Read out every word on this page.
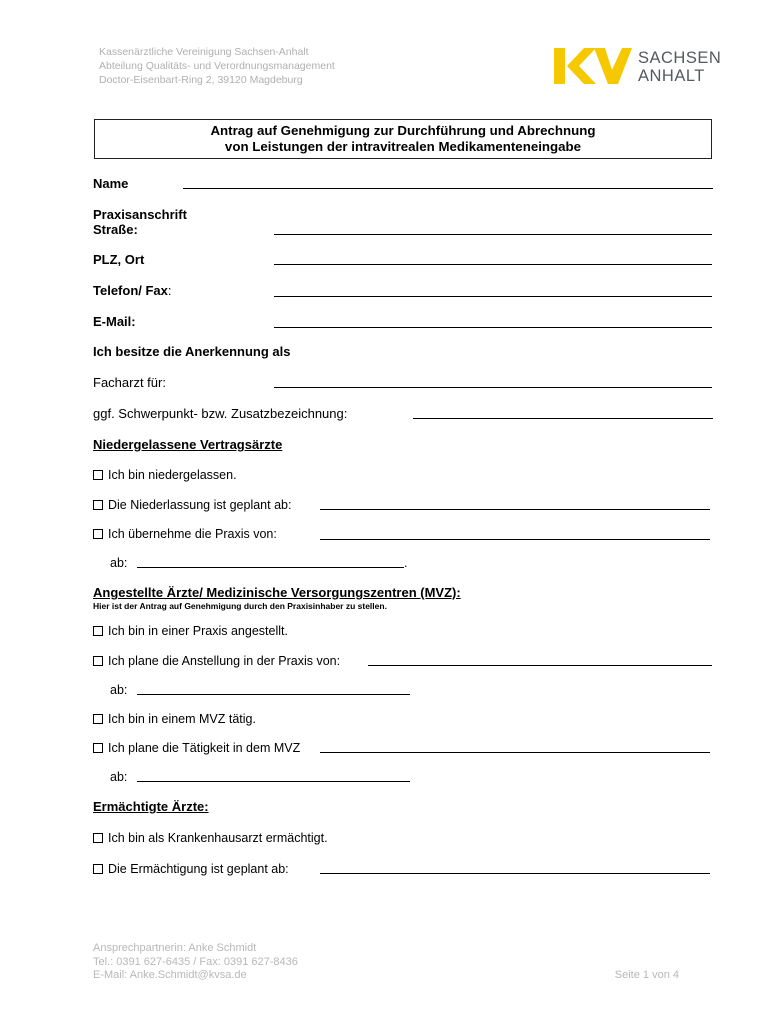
Kassenärztliche Vereinigung Sachsen-Anhalt
Abteilung Qualitäts- und Verordnungsmanagement
Doctor-Eisenbart-Ring 2, 39120 Magdeburg
SACHSEN
ANHALT
Antrag auf Genehmigung zur Durchführung und Abrechnung
von Leistungen der intravitrealen Medikamenteneingabe
Name
Praxisanschrift
Straße:
PLZ, Ort
Telefon/ Fax:
E-Mail:
Ich besitze die Anerkennung als
Facharzt für:
ggf. Schwerpunkt- bzw. Zusatzbezeichnung:
Niedergelassene Vertragsärzte
Ich bin niedergelassen.
Die Niederlassung ist geplant ab:
Ich übernehme die Praxis von:
ab:	.
Angestellte Ärzte/ Medizinische Versorgungszentren (MVZ):
Hier ist der Antrag auf Genehmigung durch den Praxisinhaber zu stellen.
Ich bin in einer Praxis angestellt.
Ich plane die Anstellung in der Praxis von:
ab:
Ich bin in einem MVZ tätig.
Ich plane die Tätigkeit in dem MVZ
ab:
Ermächtigte Ärzte:
Ich bin als Krankenhausarzt ermächtigt.
Die Ermächtigung ist geplant ab:
Ansprechpartnerin: Anke Schmidt
Tel.: 0391 627-6435 / Fax: 0391 627-8436
E-Mail: Anke.Schmidt@kvsa.de	Seite 1 von 4
